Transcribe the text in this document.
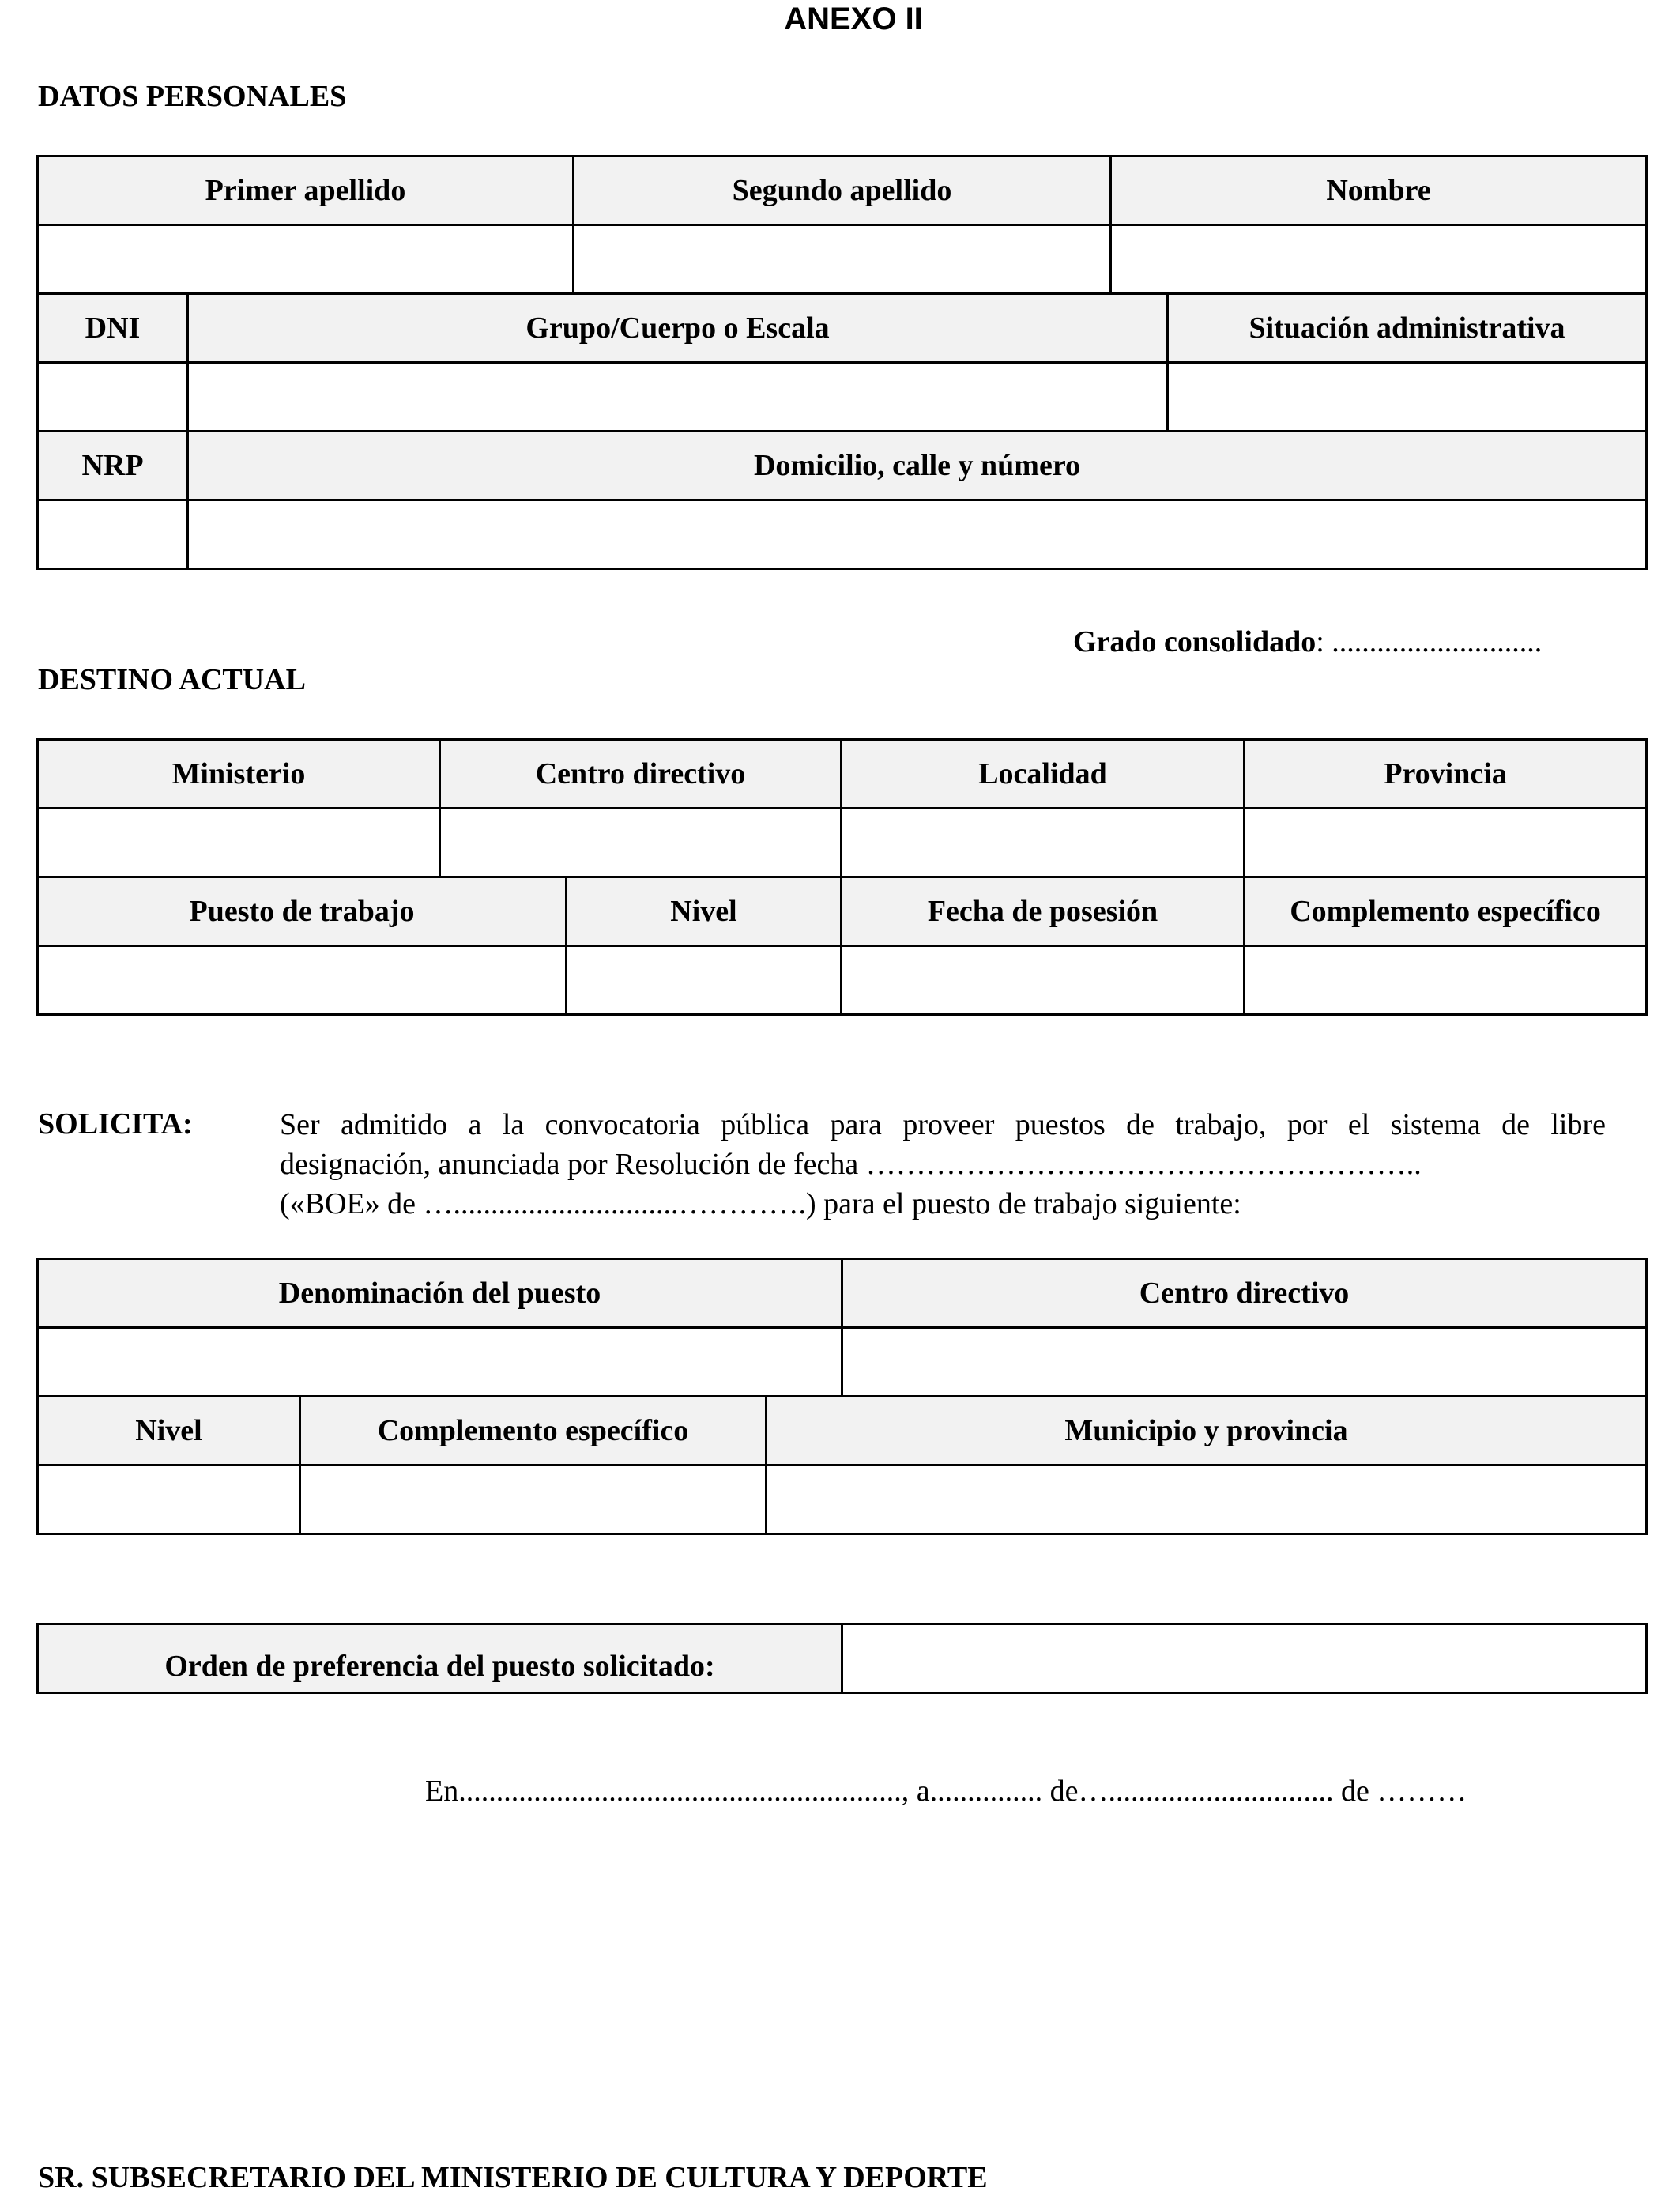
ANEXO II
DATOS PERSONALES
Primer apellido		Segundo apellido	Nombre	

DNI	Grupo/Cuerpo o Escala			Situación administrativa

NRP	Domicilio, calle y número			

Grado consolidado: ............................
DESTINO ACTUAL
Ministerio	Centro directivo		Localidad	Provincia

Puesto de trabajo		Nivel	Fecha de posesión	Complemento específico

SOLICITA:	Ser admitido a la convocatoria pública para proveer puestos de trabajo, por el sistema de libre
designación, anunciada por Resolución de fecha ………………………………………………..
(«BOE» de …..............................………….) para el puesto de trabajo siguiente:
Denominación del puesto			Centro directivo

Nivel	Complemento específico	Municipio y provincia	

Orden de preferencia del puesto solicitado:	
En..........................................................., a............... de….............................. de ………
SR. SUBSECRETARIO DEL MINISTERIO DE CULTURA Y DEPORTE
